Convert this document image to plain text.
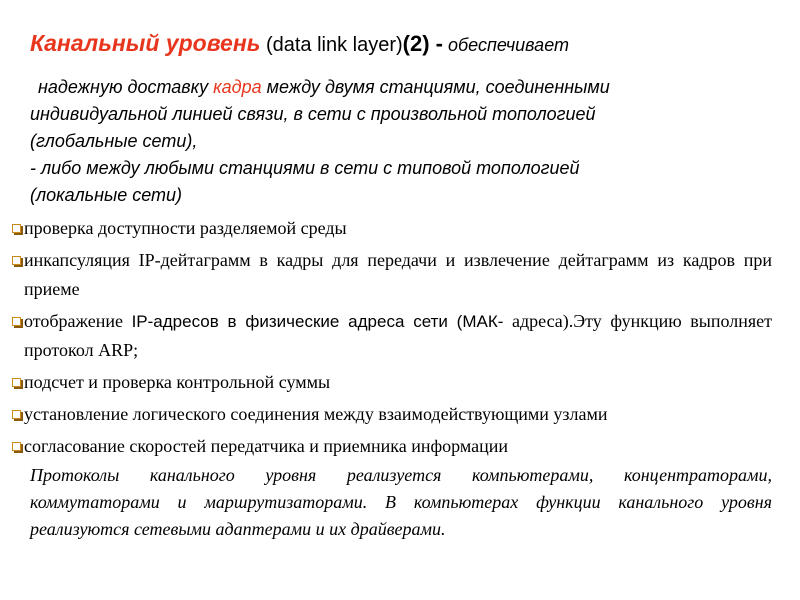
Канальный уровень (data link layer)(2) - обеспечивает
надежную доставку кадра между двумя станциями, соединенными
индивидуальной линией связи, в сети с произвольной топологией
(глобальные сети),
- либо между любыми станциями в сети с типовой топологией
(локальные сети)
проверка доступности разделяемой среды
инкапсуляция IP-дейтаграмм в кадры для передачи и извлечение дейтаграмм из кадров при приеме
отображение IP-адресов в физические адреса сети (МАК- адреса).Эту функцию выполняет протокол ARP;
подсчет и проверка контрольной суммы
установление логического соединения между взаимодействующими узлами
согласование скоростей передатчика и приемника информации
Протоколы канального уровня реализуется компьютерами, концентраторами, коммутаторами и маршрутизаторами. В компьютерах функции канального уровня реализуются сетевыми адаптерами и их драйверами.
